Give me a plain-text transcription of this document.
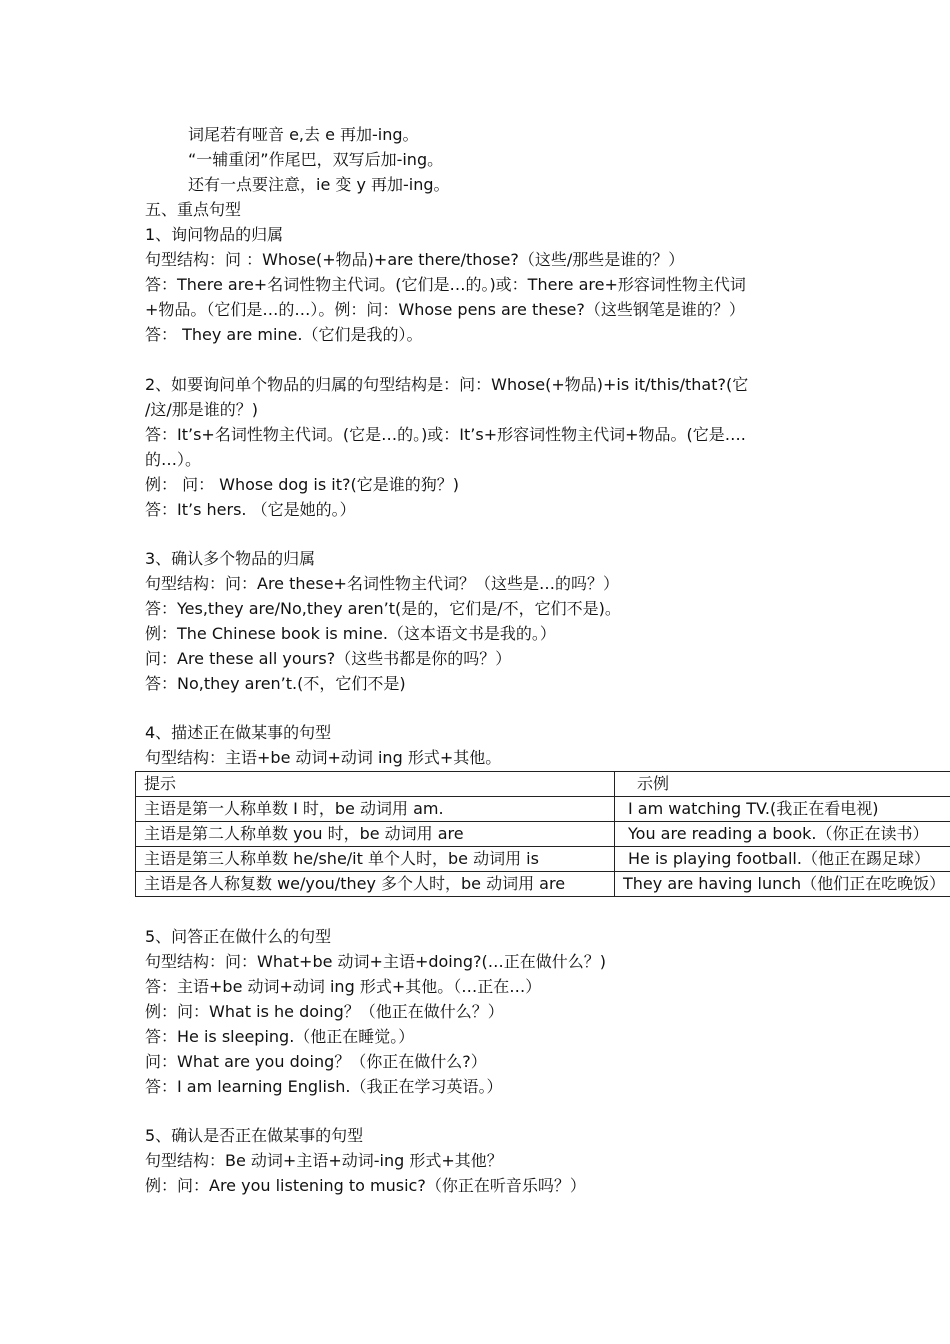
词尾若有哑音 e,去 e 再加-ing。
“一辅重闭”作尾巴，双写后加-ing。
还有一点要注意，ie 变 y 再加-ing。
五、重点句型
1、询问物品的归属
句型结构：问 ：Whose(+物品)+are there/those?（这些/那些是谁的？）
答：There are+名词性物主代词。(它们是…的。)或：There are+形容词性物主代词
+物品。（它们是…的…）。例：问：Whose pens are these?（这些钢笔是谁的？）
答： They are mine.（它们是我的）。
2、如要询问单个物品的归属的句型结构是：问：Whose(+物品)+is it/this/that?(它
/这/那是谁的？)
答：It’s+名词性物主代词。(它是…的。)或：It’s+形容词性物主代词+物品。(它是….
的…）。
例： 问： Whose dog is it?(它是谁的狗？)
答：It’s hers. （它是她的。）
3、确认多个物品的归属
句型结构：问：Are these+名词性物主代词？（这些是…的吗？）
答：Yes,they are/No,they aren’t(是的，它们是/不，它们不是)。
例：The Chinese book is mine.（这本语文书是我的。）
问：Are these all yours?（这些书都是你的吗？）
答：No,they aren’t.(不，它们不是)
4、描述正在做某事的句型
句型结构：主语+be 动词+动词 ing 形式+其他。
提示	示例
主语是第一人称单数 I 时，be 动词用 am.	I am watching TV.(我正在看电视)
主语是第二人称单数 you 时，be 动词用 are	You are reading a book.（你正在读书）
主语是第三人称单数 he/she/it 单个人时，be 动词用 is	He is playing football.（他正在踢足球）
主语是各人称复数 we/you/they 多个人时，be 动词用 are	They are having lunch（他们正在吃晚饭）
5、问答正在做什么的句型
句型结构：问：What+be 动词+主语+doing?(…正在做什么？)
答：主语+be 动词+动词 ing 形式+其他。（…正在…）
例：问：What is he doing？（他正在做什么？）
答：He is sleeping.（他正在睡觉。）
问：What are you doing？（你正在做什么?）
答：I am learning English.（我正在学习英语。）
5、确认是否正在做某事的句型
句型结构：Be 动词+主语+动词-ing 形式+其他？
例：问：Are you listening to music?（你正在听音乐吗？）
